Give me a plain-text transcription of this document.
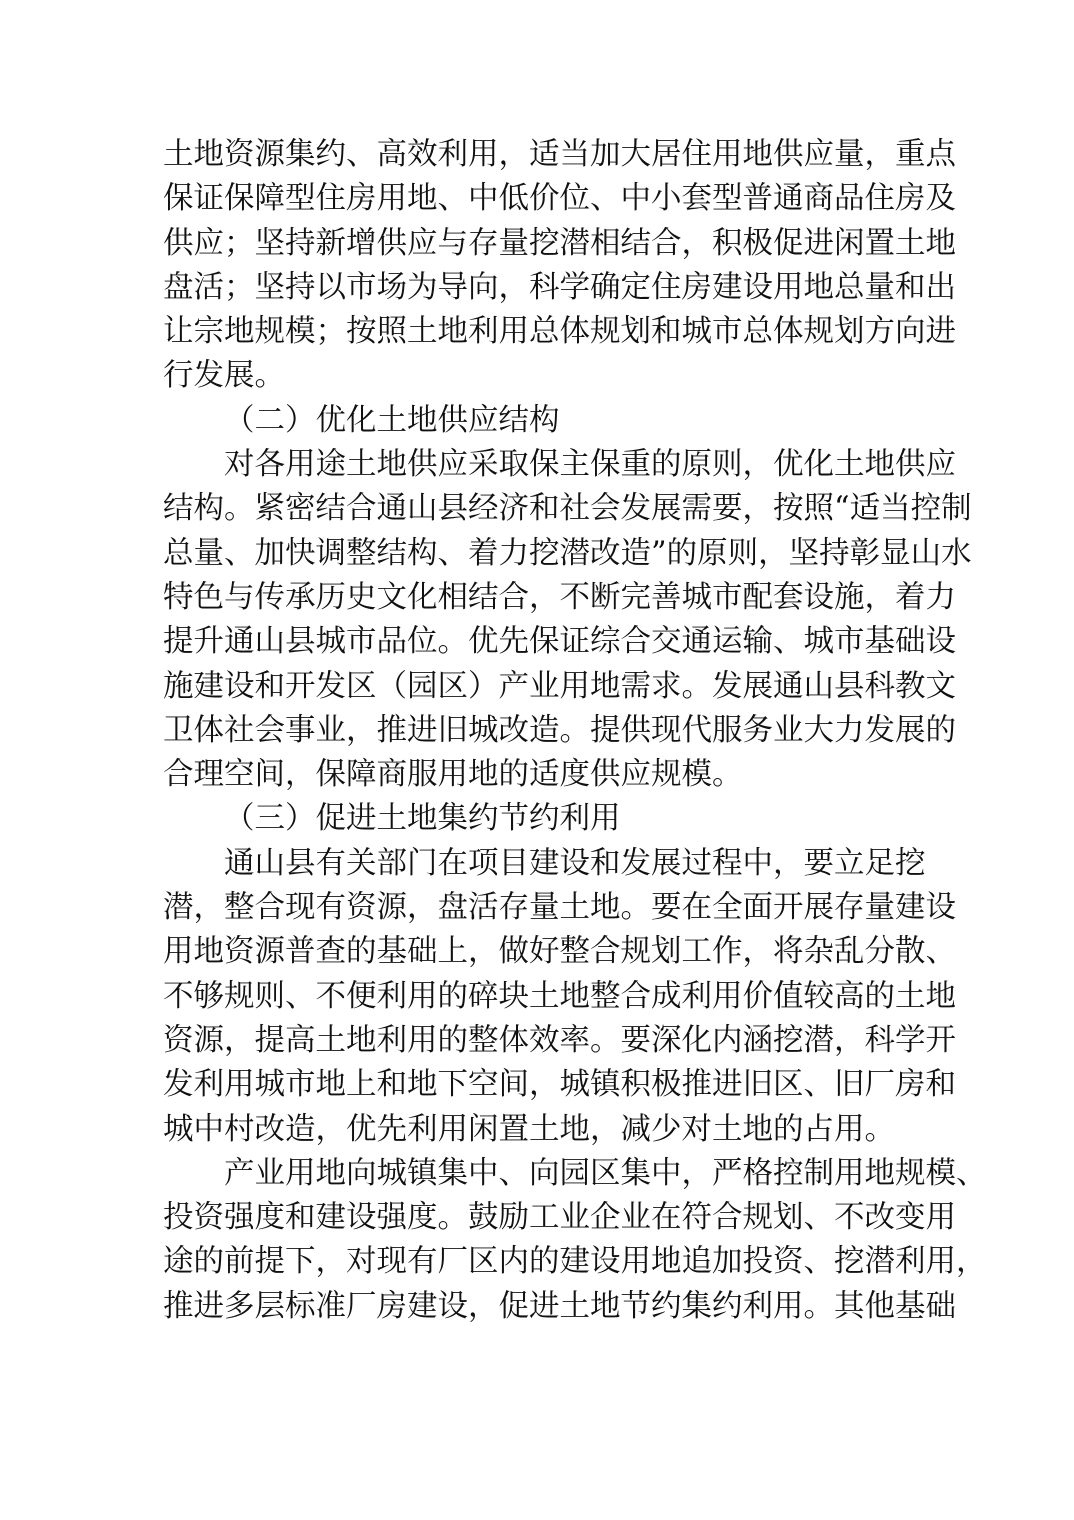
土地资源集约、高效利用，适当加大居住用地供应量，重点
保证保障型住房用地、中低价位、中小套型普通商品住房及
供应；坚持新增供应与存量挖潜相结合，积极促进闲置土地
盘活；坚持以市场为导向，科学确定住房建设用地总量和出
让宗地规模；按照土地利用总体规划和城市总体规划方向进
行发展。
（二）优化土地供应结构
对各用途土地供应采取保主保重的原则，优化土地供应
结构。紧密结合通山县经济和社会发展需要，按照“适当控制
总量、加快调整结构、着力挖潜改造”的原则，坚持彰显山水
特色与传承历史文化相结合，不断完善城市配套设施，着力
提升通山县城市品位。优先保证综合交通运输、城市基础设
施建设和开发区（园区）产业用地需求。发展通山县科教文
卫体社会事业，推进旧城改造。提供现代服务业大力发展的
合理空间，保障商服用地的适度供应规模。
（三）促进土地集约节约利用
通山县有关部门在项目建设和发展过程中，要立足挖
潜，整合现有资源，盘活存量土地。要在全面开展存量建设
用地资源普查的基础上，做好整合规划工作，将杂乱分散、
不够规则、不便利用的碎块土地整合成利用价值较高的土地
资源，提高土地利用的整体效率。要深化内涵挖潜，科学开
发利用城市地上和地下空间，城镇积极推进旧区、旧厂房和
城中村改造，优先利用闲置土地，减少对土地的占用。
产业用地向城镇集中、向园区集中，严格控制用地规模、
投资强度和建设强度。鼓励工业企业在符合规划、不改变用
途的前提下，对现有厂区内的建设用地追加投资、挖潜利用，
推进多层标准厂房建设，促进土地节约集约利用。其他基础
